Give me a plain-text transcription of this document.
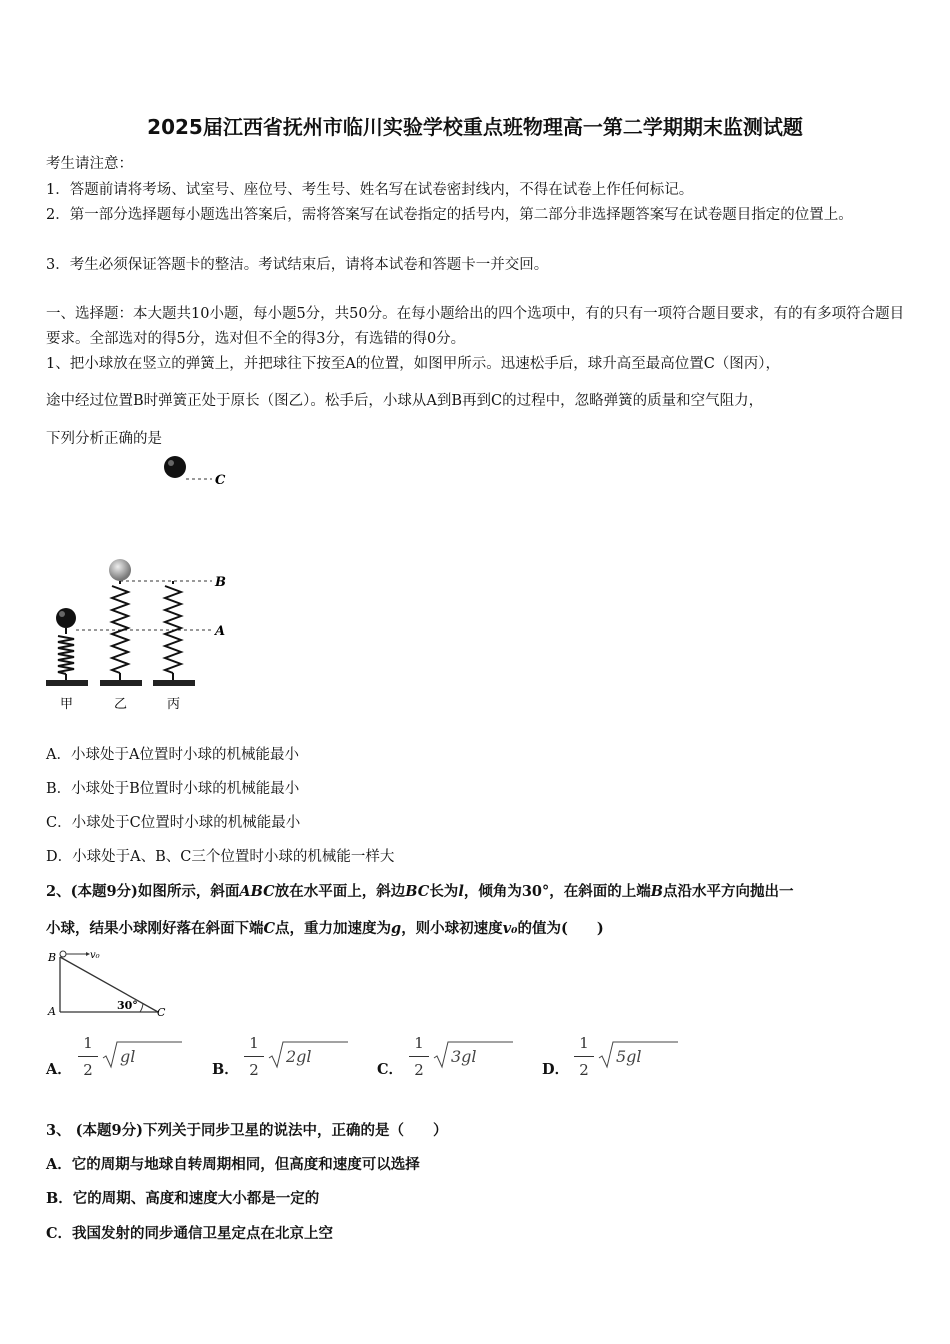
2025届江西省抚州市临川实验学校重点班物理高一第二学期期末监测试题
考生请注意：
1．答题前请将考场、试室号、座位号、考生号、姓名写在试卷密封线内，不得在试卷上作任何标记。
2．第一部分选择题每小题选出答案后，需将答案写在试卷指定的括号内，第二部分非选择题答案写在试卷题目指定的位置上。
3．考生必须保证答题卡的整洁。考试结束后，请将本试卷和答题卡一并交回。
一、选择题：本大题共10小题，每小题5分，共50分。在每小题给出的四个选项中，有的只有一项符合题目要求，有的有多项符合题目要求。全部选对的得5分，选对但不全的得3分，有选错的得0分。
1、把小球放在竖立的弹簧上，并把球往下按至A的位置，如图甲所示。迅速松手后，球升高至最高位置C（图丙），
途中经过位置B时弹簧正处于原长（图乙）。松手后，小球从A到B再到C的过程中，忽略弹簧的质量和空气阻力，
下列分析正确的是
C
B
A
甲	乙	丙
A．小球处于A位置时小球的机械能最小
B．小球处于B位置时小球的机械能最小
C．小球处于C位置时小球的机械能最小
D．小球处于A、B、C三个位置时小球的机械能一样大
2、(本题9分)如图所示，斜面ABC放在水平面上，斜边BC长为l，倾角为30°，在斜面的上端B点沿水平方向抛出一
小球，结果小球刚好落在斜面下端C点，重力加速度为g，则小球初速度v₀的值为(　　)
B	v₀
A	30°
C
A．
1
2
gl
B．
1
2
2gl
C．
1
2
3gl
D．
1
2
5gl
3、 (本题9分)下列关于同步卫星的说法中，正确的是（　　）
A．它的周期与地球自转周期相同，但高度和速度可以选择
B．它的周期、高度和速度大小都是一定的
C．我国发射的同步通信卫星定点在北京上空
